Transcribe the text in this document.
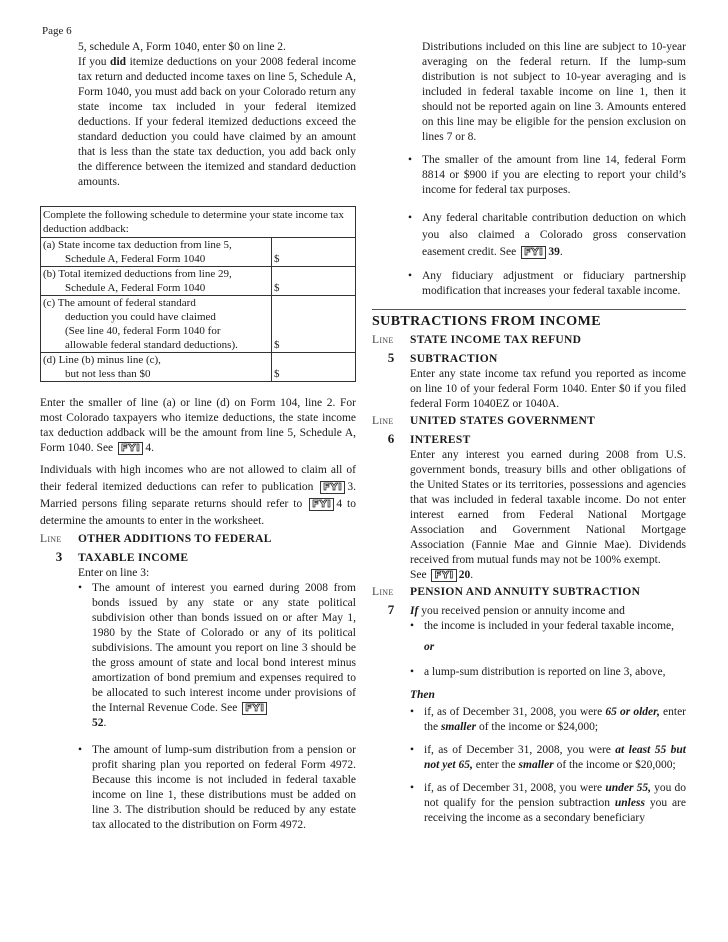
Page 6

5, schedule A, Form 1040, enter $0 on line 2.

If you did itemize deductions on your 2008 federal income tax return and deducted income taxes on line 5, Schedule A, Form 1040, you must add back on your Colorado return any state income tax included in your federal itemized deductions. If your federal itemized deductions exceed the standard deduction you could have claimed by an amount that is less than the state tax deduction, you add back only the difference between the itemized and standard deduction amounts.

Complete the following schedule to determine your state income tax deduction addback:
(a) State income tax deduction from line 5,
Schedule A, Federal Form 1040	$
(b) Total itemized deductions from line 29,
Schedule A, Federal Form 1040	$
(c) The amount of federal standard
deduction you could have claimed
(See line 40, federal Form 1040 for
allowable federal standard deductions).	$
(d) Line (b) minus line (c),
but not less than $0	$

Enter the smaller of line (a) or line (d) on Form 104, line 2. For most Colorado taxpayers who itemize deductions, the state income tax deduction addback will be the amount from line 5, Schedule A, Form 1040. See FYI 4.

Individuals with high incomes who are not allowed to claim all of their federal itemized deductions can refer to publication FYI 3. Married persons filing separate returns should refer to FYI 4 to determine the amounts to enter in the worksheet.

Line	OTHER ADDITIONS TO FEDERAL
3	TAXABLE INCOME

Enter on line 3:

• The amount of interest you earned during 2008 from bonds issued by any state or any state political subdivision other than bonds issued on or after May 1, 1980 by the State of Colorado or any of its political subdivisions. The amount you report on line 3 should be the gross amount of state and local bond interest minus amortization of bond premium and expenses required to be allocated to such interest income under provisions of the Internal Revenue Code. See FYI
52.
• The amount of lump-sum distribution from a pension or profit sharing plan you reported on federal Form 4972. Because this income is not included in federal taxable income on line 1, these distributions must be added on line 3. The distribution should be reduced by any estate tax allocated to the distribution on Form 4972.

Distributions included on this line are subject to 10-year averaging on the federal return. If the lump-sum distribution is not subject to 10-year averaging and is included in federal taxable income on line 1, then it should not be reported again on line 3. Amounts entered on this line may be eligible for the pension exclusion on lines 7 or 8.

• The smaller of the amount from line 14, federal Form 8814 or $900 if you are electing to report your child’s income for federal tax purposes.
• Any federal charitable contribution deduction on which you also claimed a Colorado gross conservation easement credit. See FYI 39.
• Any fiduciary adjustment or fiduciary partnership modification that increases your federal taxable income.
SUBTRACTIONS FROM INCOME
Line	STATE INCOME TAX REFUND
5	SUBTRACTION

Enter any state income tax refund you reported as income on line 10 of your federal Form 1040. Enter $0 if you filed federal Form 1040EZ or 1040A.

Line	UNITED STATES GOVERNMENT
6	INTEREST

Enter any interest you earned during 2008 from U.S. government bonds, treasury bills and other obligations of the United States or its territories, possessions and agencies that was included in federal taxable income. Do not enter interest earned from Federal National Mortgage Association and Government National Mortgage Association (Fannie Mae and Ginnie Mae). Dividends received from mutual funds may not be 100% exempt.

See FYI 20.

Line	PENSION AND ANNUITY SUBTRACTION
7	If you received pension or annuity income and
• the income is included in your federal taxable income,
or
• a lump-sum distribution is reported on line 3, above,
Then
• if, as of December 31, 2008, you were 65 or older, enter the smaller of the income or $24,000;
• if, as of December 31, 2008, you were at least 55 but not yet 65, enter the smaller of the income or $20,000;
• if, as of December 31, 2008, you were under 55, you do not qualify for the pension subtraction unless you are receiving the income as a secondary beneficiary
